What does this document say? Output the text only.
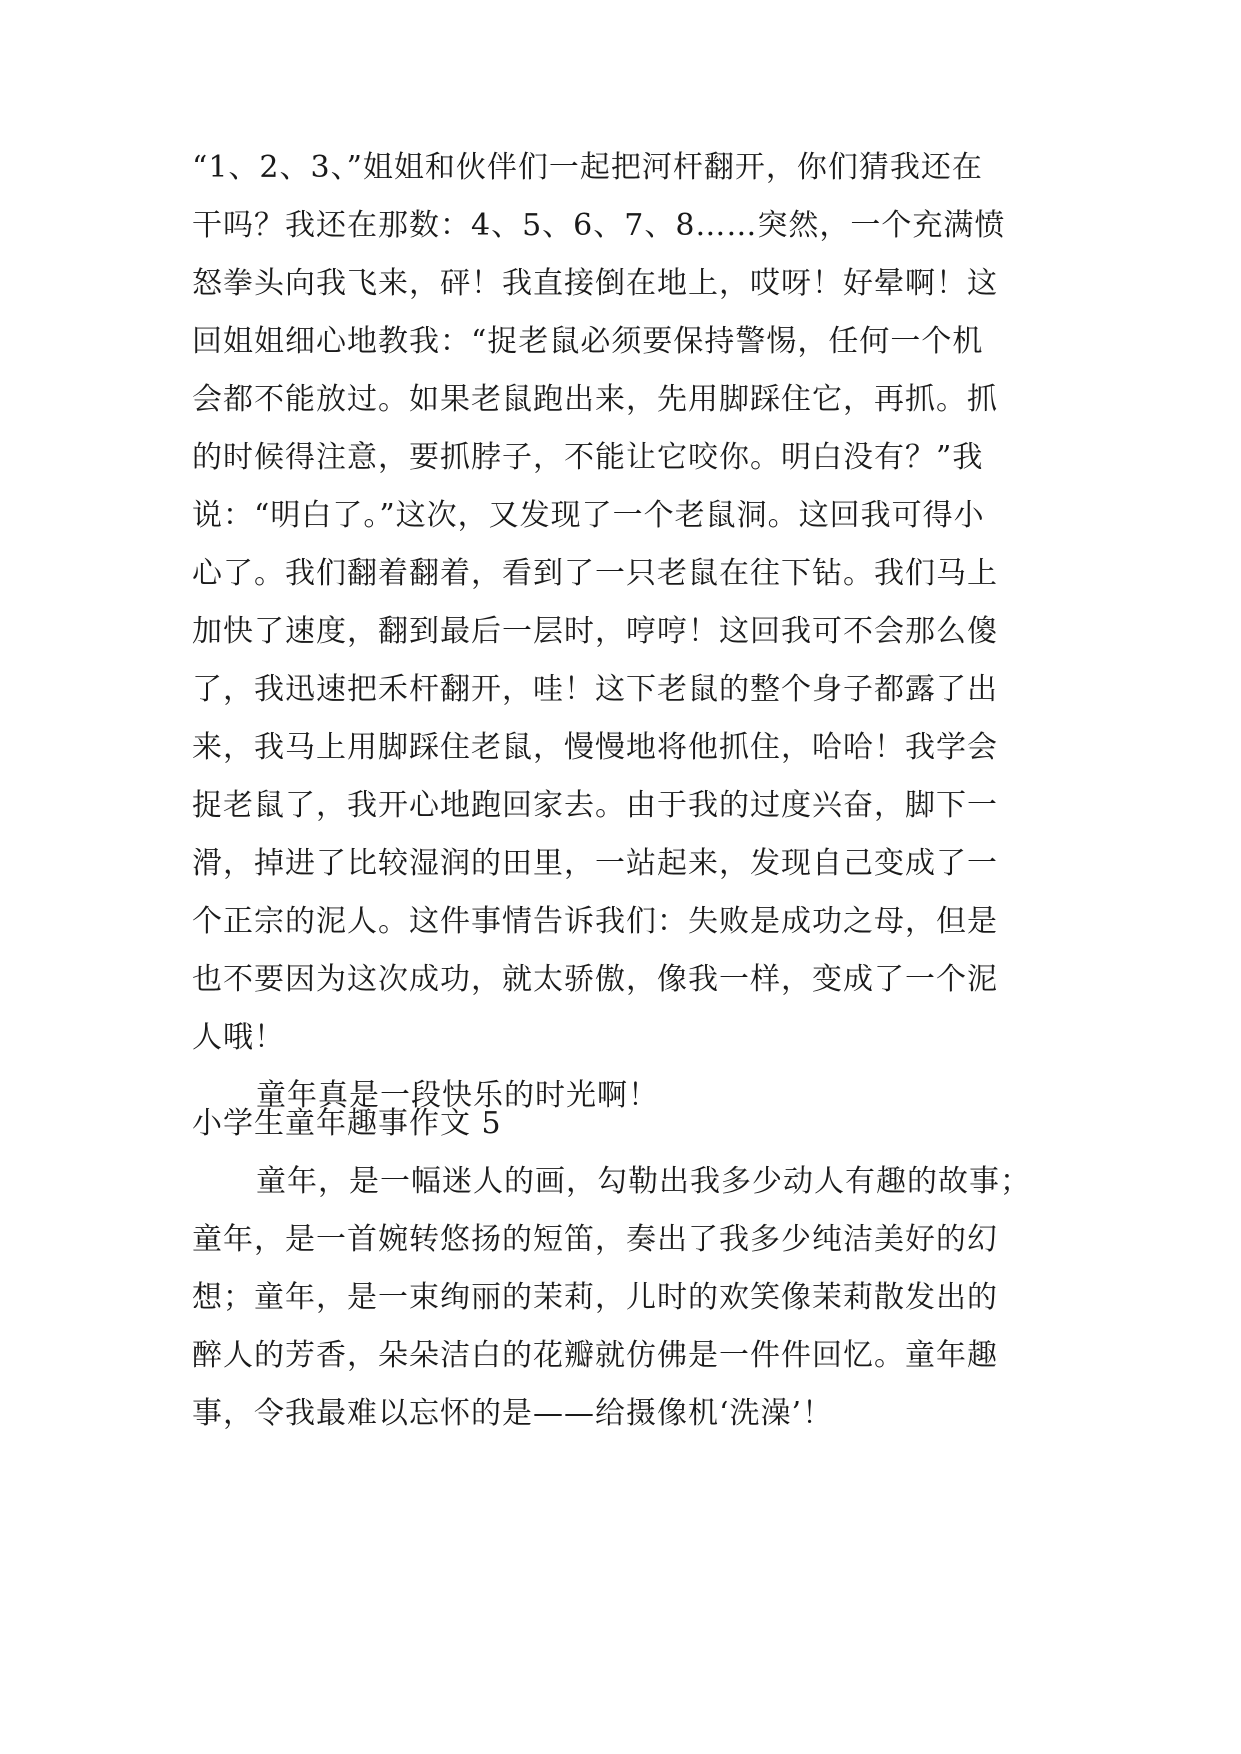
“1、2、3、”姐姐和伙伴们一起把河杆翻开，你们猜我还在
干吗？我还在那数：4、5、6、7、8……突然，一个充满愤
怒拳头向我飞来，砰！我直接倒在地上，哎呀！好晕啊！这
回姐姐细心地教我：“捉老鼠必须要保持警惕，任何一个机
会都不能放过。如果老鼠跑出来，先用脚踩住它，再抓。抓
的时候得注意，要抓脖子，不能让它咬你。明白没有？”我
说：“明白了。”这次，又发现了一个老鼠洞。这回我可得小
心了。我们翻着翻着，看到了一只老鼠在往下钻。我们马上
加快了速度，翻到最后一层时，哼哼！这回我可不会那么傻
了，我迅速把禾杆翻开，哇！这下老鼠的整个身子都露了出
来，我马上用脚踩住老鼠，慢慢地将他抓住，哈哈！我学会
捉老鼠了，我开心地跑回家去。由于我的过度兴奋，脚下一
滑，掉进了比较湿润的田里，一站起来，发现自己变成了一
个正宗的泥人。这件事情告诉我们：失败是成功之母，但是
也不要因为这次成功，就太骄傲，像我一样，变成了一个泥
人哦！
童年真是一段快乐的时光啊！
小学生童年趣事作文 5
童年，是一幅迷人的画，勾勒出我多少动人有趣的故事；
童年，是一首婉转悠扬的短笛，奏出了我多少纯洁美好的幻
想；童年，是一束绚丽的茉莉，儿时的欢笑像茉莉散发出的
醉人的芳香，朵朵洁白的花瓣就仿佛是一件件回忆。童年趣
事，令我最难以忘怀的是——给摄像机‘洗澡’！
